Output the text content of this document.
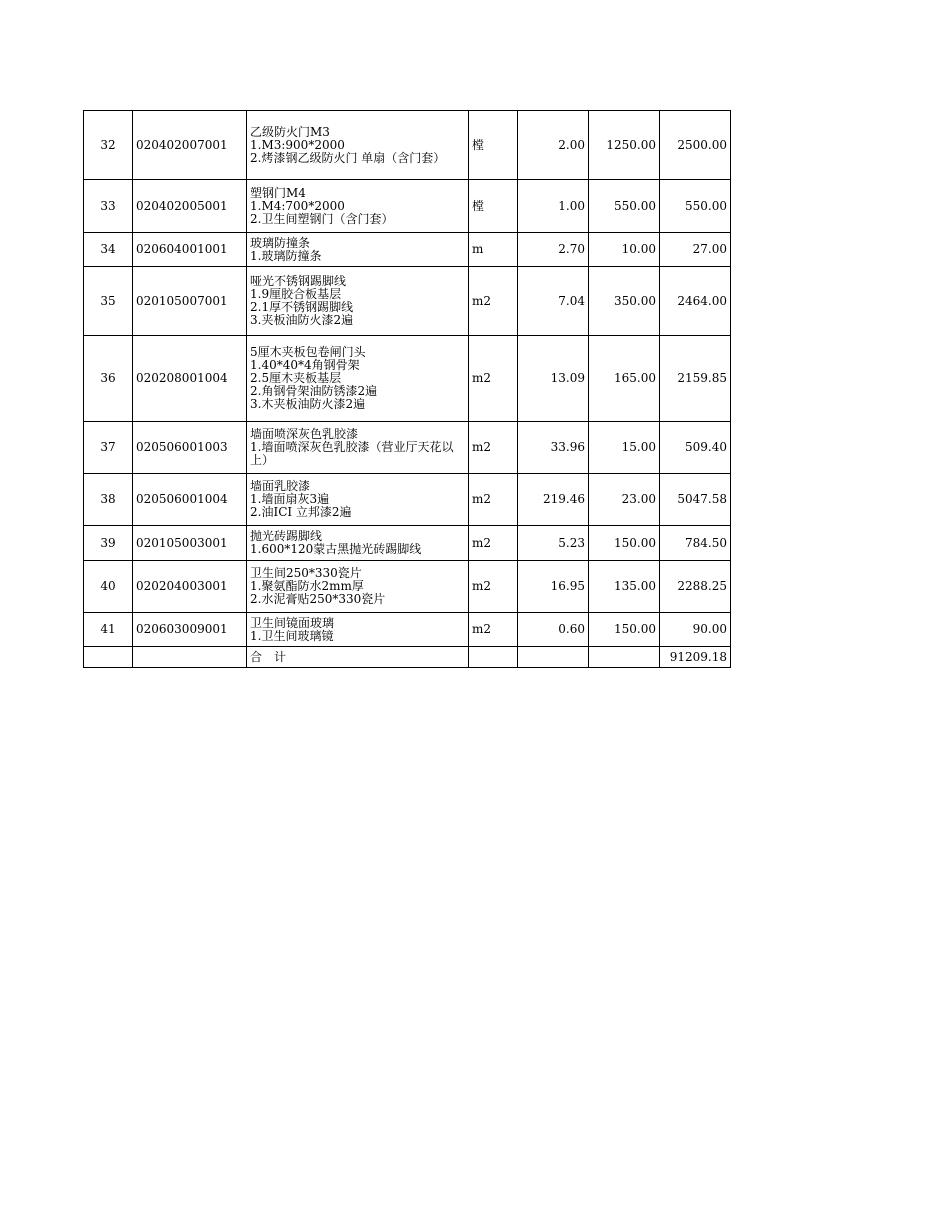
32	020402007001	乙级防火门M3
1.M3:900*2000
2.烤漆钢乙级防火门 单扇（含门套）	樘	2.00	1250.00	2500.00
33	020402005001	塑钢门M4
1.M4:700*2000
2.卫生间塑钢门（含门套）	樘	1.00	550.00	550.00
34	020604001001	玻璃防撞条
1.玻璃防撞条	m	2.70	10.00	27.00
35	020105007001	哑光不锈钢踢脚线
1.9厘胶合板基层
2.1厚不锈钢踢脚线
3.夹板油防火漆2遍	m2	7.04	350.00	2464.00
36	020208001004	5厘木夹板包卷闸门头
1.40*40*4角钢骨架
2.5厘木夹板基层
2.角钢骨架油防锈漆2遍
3.木夹板油防火漆2遍	m2	13.09	165.00	2159.85
37	020506001003	墙面喷深灰色乳胶漆
1.墙面喷深灰色乳胶漆（营业厅天花以上）	m2	33.96	15.00	509.40
38	020506001004	墙面乳胶漆
1.墙面扇灰3遍
2.油ICI 立邦漆2遍	m2	219.46	23.00	5047.58
39	020105003001	抛光砖踢脚线
1.600*120蒙古黑抛光砖踢脚线	m2	5.23	150.00	784.50
40	020204003001	卫生间250*330瓷片
1.聚氨酯防水2mm厚
2.水泥膏贴250*330瓷片	m2	16.95	135.00	2288.25
41	020603009001	卫生间镜面玻璃
1.卫生间玻璃镜	m2	0.60	150.00	90.00
		合　计				91209.18
